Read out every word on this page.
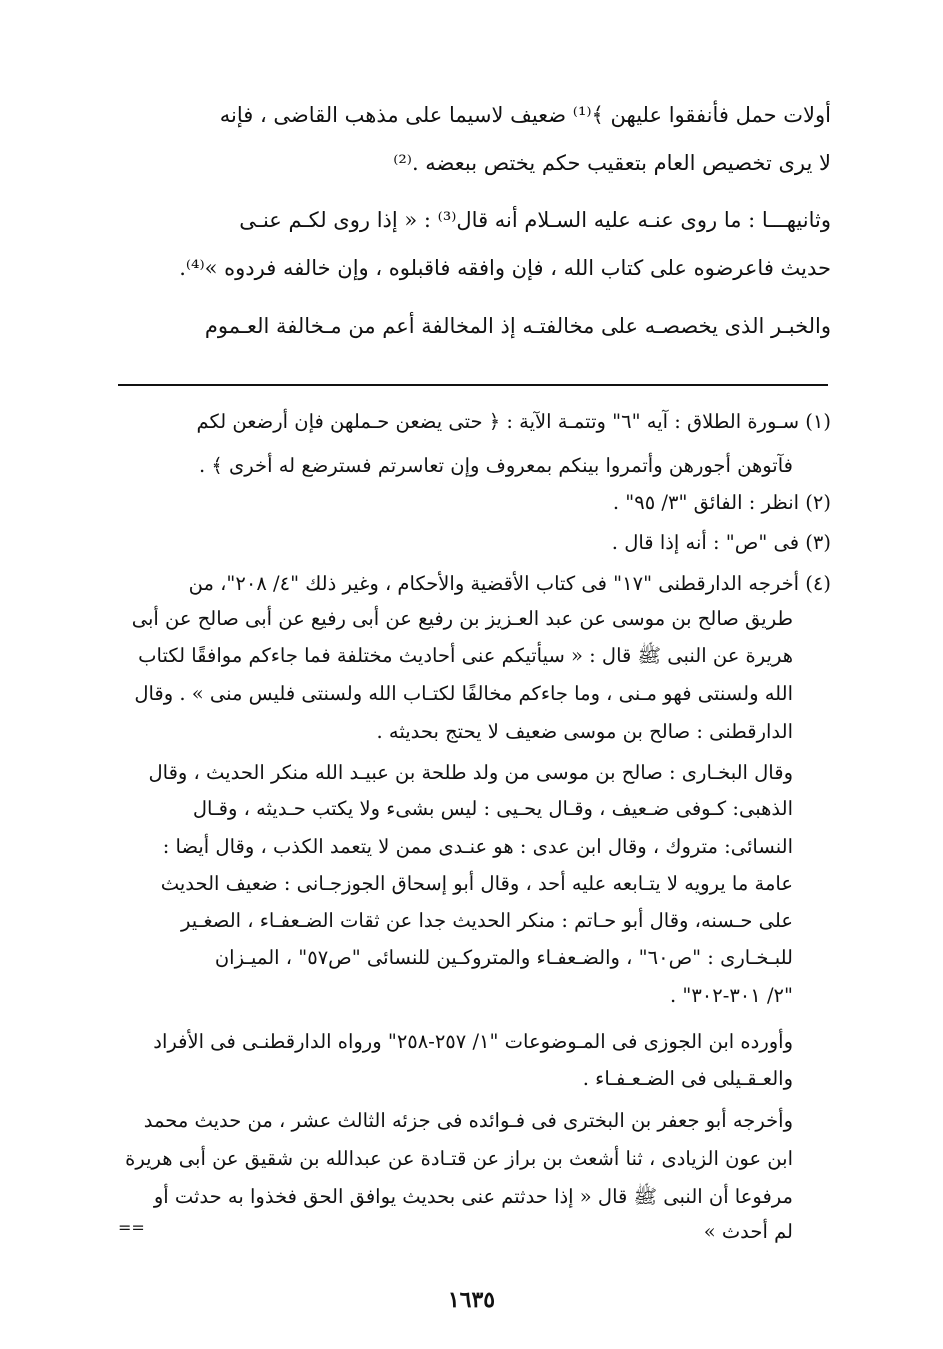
أولات حمل فأنفقوا عليهن ﴾⁽¹⁾ ضعيف لاسيما على مذهب القاضى ، فإنه
لا يرى تخصيص العام بتعقيب حكم يختص ببعضه .⁽²⁾
وثانيهـــا : ما روى عنـه عليه السـلام أنه قال⁽³⁾ : « إذا روى لكـم عنـى
حديث فاعرضوه على كتاب الله ، فإن وافقه فاقبلوه ، وإن خالفه فردوه »⁽⁴⁾.
والخبـر الذى يخصصـه على مخالفتـه إذ المخالفة أعم من مـخالفة العـموم
(١) سـورة الطلاق : آيه "٦" وتتمـة الآية : ﴿ حتى يضعن حـملهن فإن أرضعن لكم
فآتوهن أجورهن وأتمروا بينكم بمعروف وإن تعاسرتم فسترضع له أخرى ﴾ .
(٢) انظر : الفائق "٣/ ٩٥" .
(٣) فى "ص" : أنه إذا قال .
(٤) أخرجه الدارقطنى "١٧" فى كتاب الأقضية والأحكام ، وغير ذلك "٤/ ٢٠٨"، من
طريق صالح بن موسى عن عبد العـزيز بن رفيع عن أبى رفيع عن أبى صالح عن أبى
هريرة عن النبى ﷺ قال : « سيأتيكم عنى أحاديث مختلفة فما جاءكم موافقًا لكتاب
الله ولسنتى فهو مـنى ، وما جاءكم مخالفًا لكتـاب الله ولسنتى فليس منى » . وقال
الدارقطنى : صالح بن موسى ضعيف لا يحتج بحديثه .
وقال البخـارى : صالح بن موسى من ولد طلحة بن عبيـد الله منكر الحديث ، وقال
الذهبى: كـوفى ضـعيف ، وقـال يحـيى : ليس بشىء ولا يكتب حـديثه ، وقـال
النسائى: متروك ، وقال ابن عدى : هو عنـدى ممن لا يتعمد الكذب ، وقال أيضا :
عامة ما يرويه لا يتـابعه عليه أحد ، وقال أبو إسحاق الجوزجـانى : ضعيف الحديث
على حـسنه، وقال أبو حـاتم : منكر الحديث جدا عن ثقات الضـعفـاء ، الصغـير
للبـخـارى : "ص٦٠" ، والضـعفـاء والمتروكـين للنسائى "ص٥٧" ، الميـزان
"٢/ ٣٠١-٣٠٢" .
وأورده ابن الجوزى فى المـوضوعات "١/ ٢٥٧-٢٥٨" ورواه الدارقطنـى فى الأفراد
والعـقـيلى فى الضـعـفـاء .
وأخرجه أبو جعفر بن البخترى فى فـوائده فى جزئه الثالث عشر ، من حديث محمد
ابن عون الزيادى ، ثنا أشعث بن براز عن قتـادة عن عبدالله بن شقيق عن أبى هريرة
مرفوعا أن النبى ﷺ قال « إذا حدثتم عنى بحديث يوافق الحق فخذوا به حدثت أو
لم أحدث »
==
١٦٣٥
